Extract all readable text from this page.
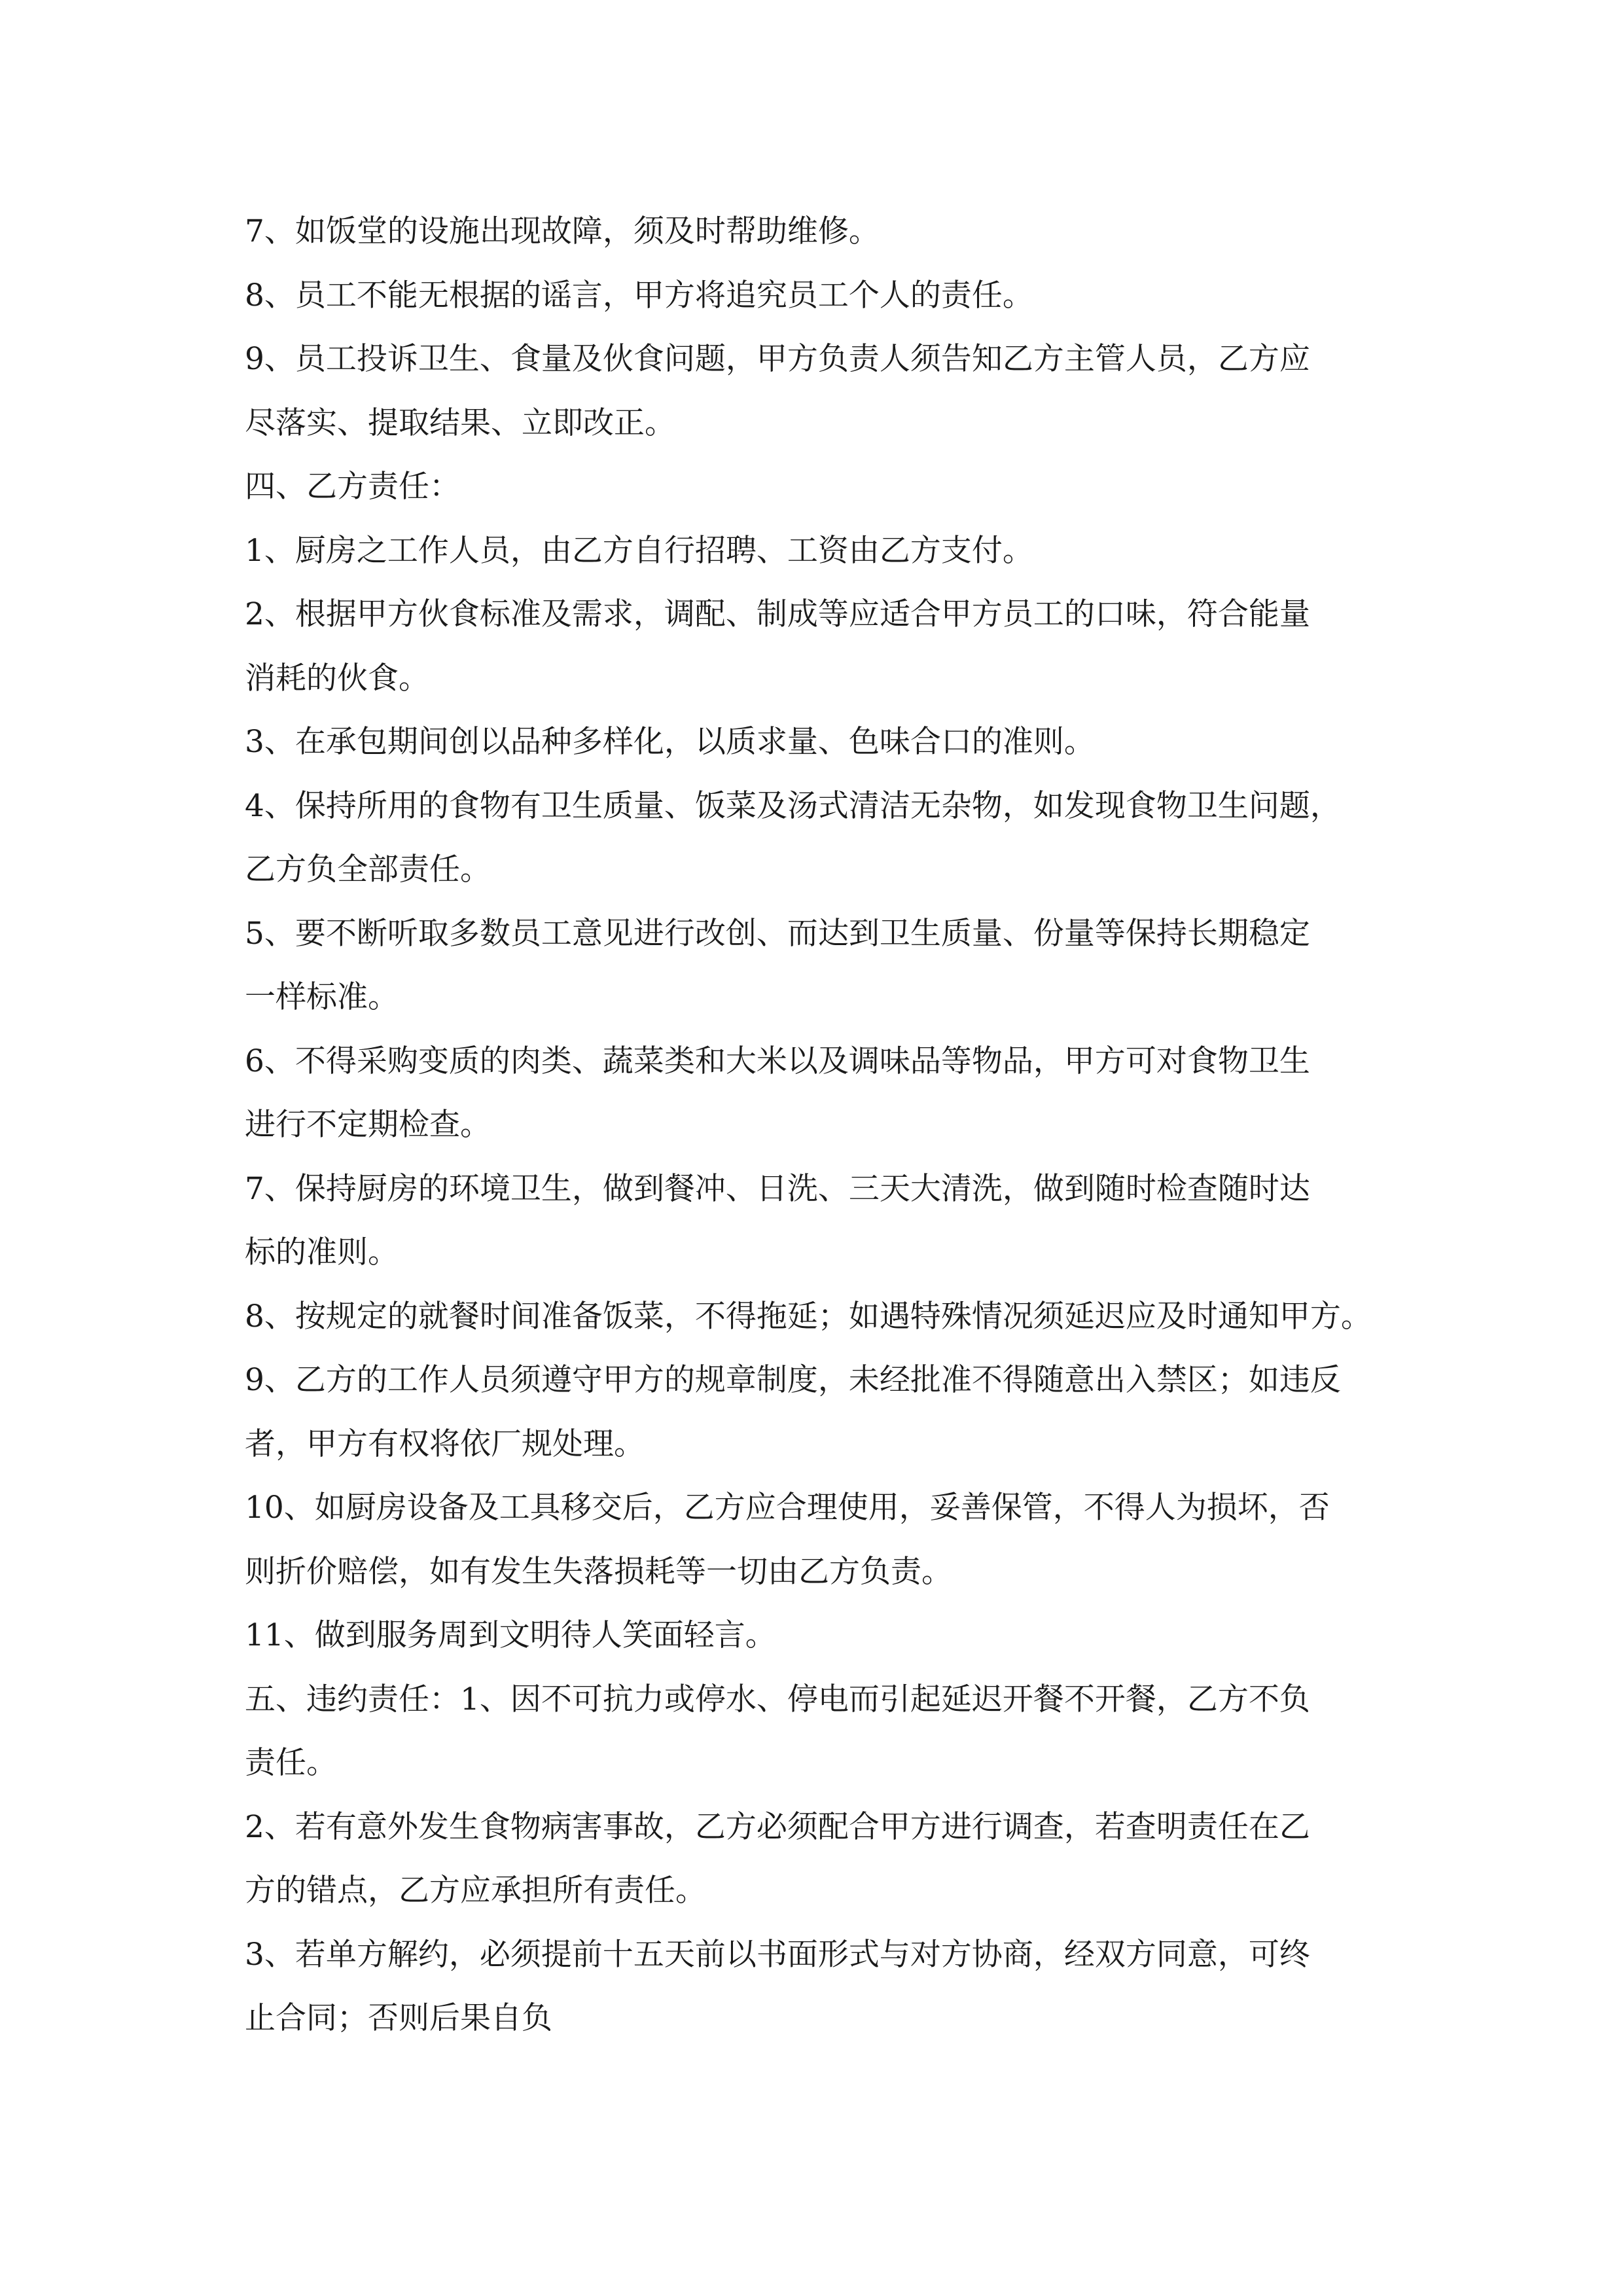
7、如饭堂的设施出现故障，须及时帮助维修。

8、员工不能无根据的谣言，甲方将追究员工个人的责任。

9、员工投诉卫生、食量及伙食问题，甲方负责人须告知乙方主管人员，乙方应

尽落实、提取结果、立即改正。

四、乙方责任：

1、厨房之工作人员，由乙方自行招聘、工资由乙方支付。

2、根据甲方伙食标准及需求，调配、制成等应适合甲方员工的口味，符合能量

消耗的伙食。

3、在承包期间创以品种多样化，以质求量、色味合口的准则。

4、保持所用的食物有卫生质量、饭菜及汤式清洁无杂物，如发现食物卫生问题，

乙方负全部责任。

5、要不断听取多数员工意见进行改创、而达到卫生质量、份量等保持长期稳定

一样标准。

6、不得采购变质的肉类、蔬菜类和大米以及调味品等物品，甲方可对食物卫生

进行不定期检查。

7、保持厨房的环境卫生，做到餐冲、日洗、三天大清洗，做到随时检查随时达

标的准则。

8、按规定的就餐时间准备饭菜，不得拖延；如遇特殊情况须延迟应及时通知甲方。

9、乙方的工作人员须遵守甲方的规章制度，未经批准不得随意出入禁区；如违反

者，甲方有权将依厂规处理。

10、如厨房设备及工具移交后，乙方应合理使用，妥善保管，不得人为损坏，否

则折价赔偿，如有发生失落损耗等一切由乙方负责。

11、做到服务周到文明待人笑面轻言。

五、违约责任：1、因不可抗力或停水、停电而引起延迟开餐不开餐，乙方不负

责任。

2、若有意外发生食物病害事故，乙方必须配合甲方进行调查，若查明责任在乙

方的错点，乙方应承担所有责任。

3、若单方解约，必须提前十五天前以书面形式与对方协商，经双方同意，可终

止合同；否则后果自负
